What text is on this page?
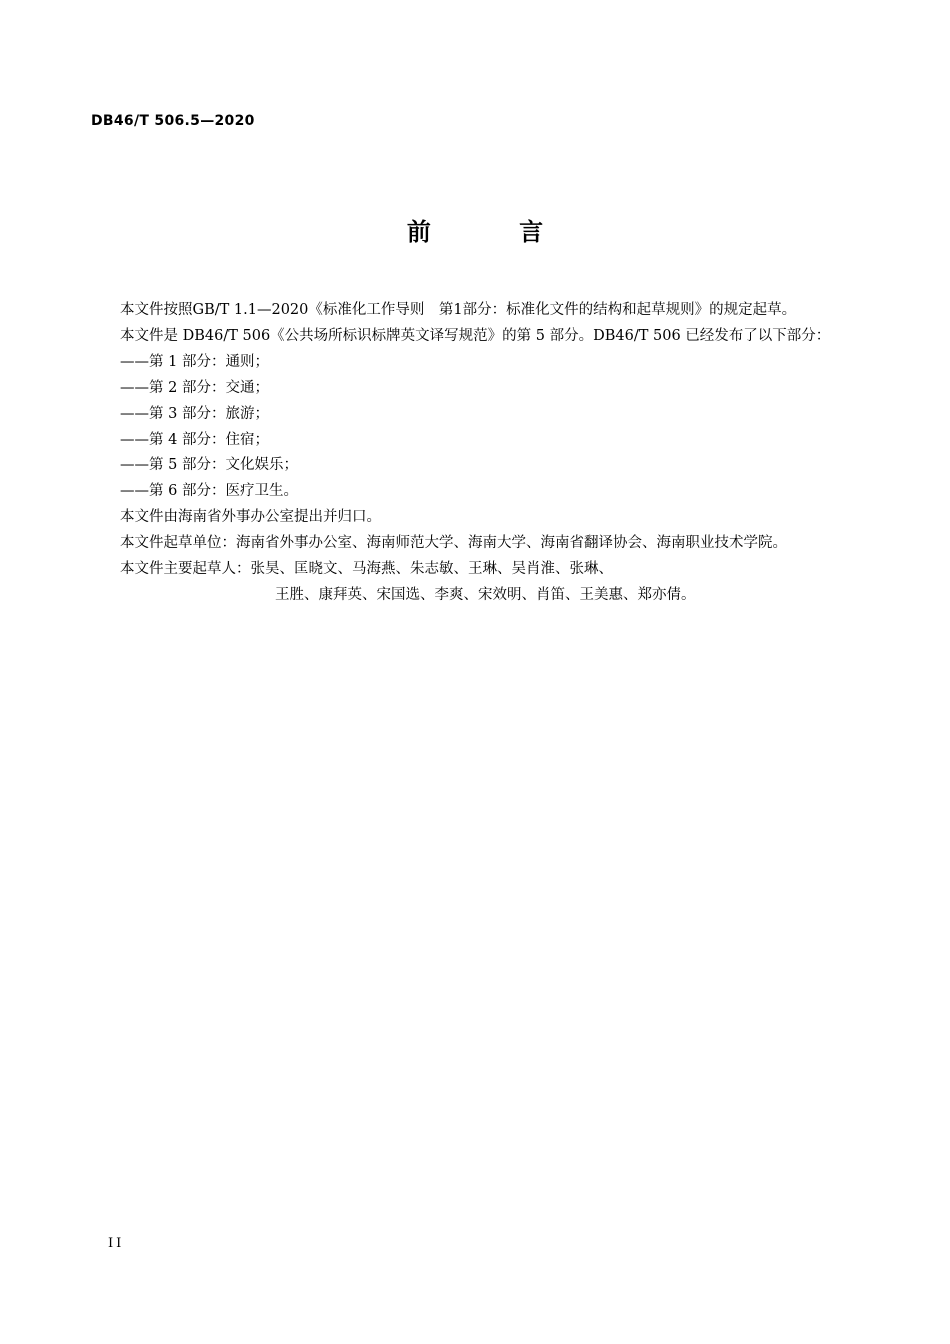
DB46/T 506.5—2020
前 言

本文件按照GB/T 1.1—2020《标准化工作导则　第1部分：标准化文件的结构和起草规则》的规定起草。

本文件是 DB46/T 506《公共场所标识标牌英文译写规范》的第 5 部分。DB46/T 506 已经发布了以下部分：

——第 1 部分：通则；

——第 2 部分：交通；

——第 3 部分：旅游；

——第 4 部分：住宿；

——第 5 部分：文化娱乐；

——第 6 部分：医疗卫生。

本文件由海南省外事办公室提出并归口。

本文件起草单位：海南省外事办公室、海南师范大学、海南大学、海南省翻译协会、海南职业技术学院。

本文件主要起草人：张昊、匡晓文、马海燕、朱志敏、王琳、吴肖淮、张琳、

王胜、康拜英、宋国选、李爽、宋效明、肖笛、王美惠、郑亦倩。

II
